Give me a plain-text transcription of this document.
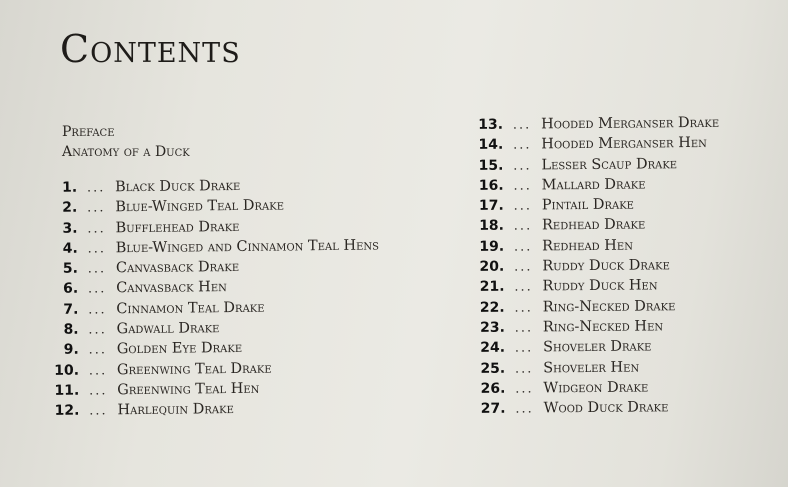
Contents
Preface
Anatomy of a Duck
1. ... Black Duck Drake
2. ... Blue-Winged Teal Drake
3. ... Bufflehead Drake
4. ... Blue-Winged and Cinnamon Teal Hens
5. ... Canvasback Drake
6. ... Canvasback Hen
7. ... Cinnamon Teal Drake
8. ... Gadwall Drake
9. ... Golden Eye Drake
10. ... Greenwing Teal Drake
11. ... Greenwing Teal Hen
12. ... Harlequin Drake
13. ... Hooded Merganser Drake
14. ... Hooded Merganser Hen
15. ... Lesser Scaup Drake
16. ... Mallard Drake
17. ... Pintail Drake
18. ... Redhead Drake
19. ... Redhead Hen
20. ... Ruddy Duck Drake
21. ... Ruddy Duck Hen
22. ... Ring-Necked Drake
23. ... Ring-Necked Hen
24. ... Shoveler Drake
25. ... Shoveler Hen
26. ... Widgeon Drake
27. ... Wood Duck Drake
